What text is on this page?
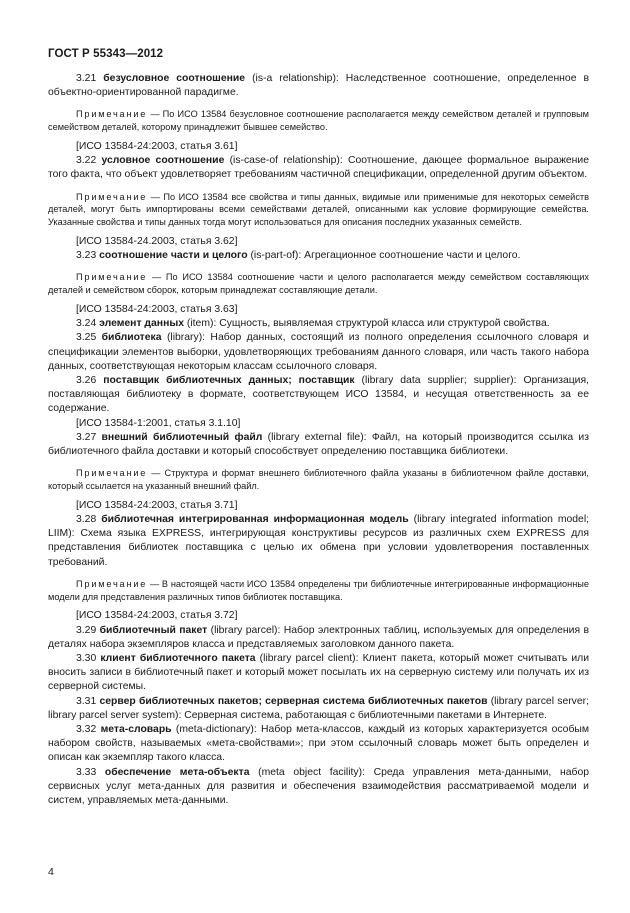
ГОСТ Р 55343—2012

3.21 безусловное соотношение (is-a relationship): Наследственное соотношение, определенное в объектно-ориентированной парадигме.

Примечание — По ИСО 13584 безусловное соотношение располагается между семейством деталей и групповым семейством деталей, которому принадлежит бывшее семейство.

[ИСО 13584-24:2003, статья 3.61]

3.22 условное соотношение (is-case-of relationship): Соотношение, дающее формальное выражение того факта, что объект удовлетворяет требованиям частичной спецификации, определенной другим объектом.

Примечание — По ИСО 13584 все свойства и типы данных, видимые или применимые для некоторых семейств деталей, могут быть импортированы всеми семействами деталей, описанными как условие формирующие семейства. Указанные свойства и типы данных тогда могут использоваться для описания последних указанных семейств.

[ИСО 13584-24.2003, статья 3.62]

3.23 соотношение части и целого (is-part-of): Агрегационное соотношение части и целого.

Примечание — По ИСО 13584 соотношение части и целого располагается между семейством составляющих деталей и семейством сборок, которым принадлежат составляющие детали.

[ИСО 13584-24:2003, статья 3.63]

3.24 элемент данных (item): Сущность, выявляемая структурой класса или структурой свойства.

3.25 библиотека (library): Набор данных, состоящий из полного определения ссылочного словаря и спецификации элементов выборки, удовлетворяющих требованиям данного словаря, или часть такого набора данных, соответствующая некоторым классам ссылочного словаря.

3.26 поставщик библиотечных данных; поставщик (library data supplier; supplier): Организация, поставляющая библиотеку в формате, соответствующем ИСО 13584, и несущая ответственность за ее содержание.

[ИСО 13584-1:2001, статья 3.1.10]

3.27 внешний библиотечный файл (library external file): Файл, на который производится ссылка из библиотечного файла доставки и который способствует определению поставщика библиотеки.

Примечание — Структура и формат внешнего библиотечного файла указаны в библиотечном файле доставки, который ссылается на указанный внешний файл.

[ИСО 13584-24:2003, статья 3.71]

3.28 библиотечная интегрированная информационная модель (library integrated information model; LIIM): Схема языка EXPRESS, интегрирующая конструктивы ресурсов из различных схем EXPRESS для представления библиотек поставщика с целью их обмена при условии удовлетворения поставленных требований.

Примечание — В настоящей части ИСО 13584 определены три библиотечные интегрированные информационные модели для представления различных типов библиотек поставщика.

[ИСО 13584-24:2003, статья 3.72]

3.29 библиотечный пакет (library parcel): Набор электронных таблиц, используемых для определения в деталях набора экземпляров класса и представляемых заголовком данного пакета.

3.30 клиент библиотечного пакета (library parcel client): Клиент пакета, который может считывать или вносить записи в библиотечный пакет и который может посылать их на серверную систему или получать их из серверной системы.

3.31 сервер библиотечных пакетов; серверная система библиотечных пакетов (library parcel server; library parcel server system): Серверная система, работающая с библиотечными пакетами в Интернете.

3.32 мета-словарь (meta-dictionary): Набор мета-классов, каждый из которых характеризуется особым набором свойств, называемых «мета-свойствами»; при этом ссылочный словарь может быть определен и описан как экземпляр такого класса.

3.33 обеспечение мета-объекта (meta object facility): Среда управления мета-данными, набор сервисных услуг мета-данных для развития и обеспечения взаимодействия рассматриваемой модели и систем, управляемых мета-данными.

4
